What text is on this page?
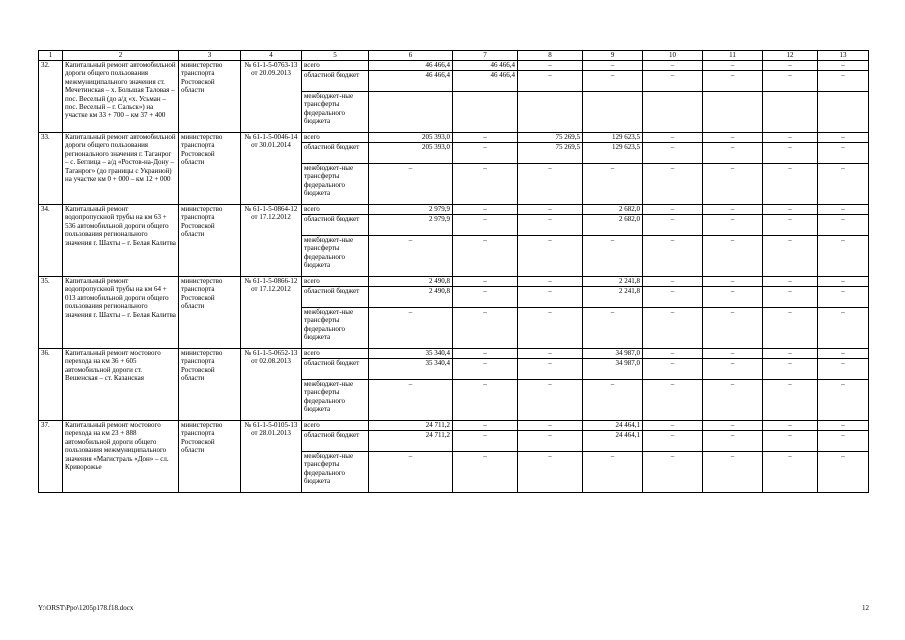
1	2	3	4	5	6	7	8	9	10	11	12	13
32.	Капитальный ремонт автомобильной дороги общего пользования межмуниципального значения ст. Мечетинская – х. Большая Таловая – пос. Веселый (до а/д «х. Усьман – пос. Веселый – г. Сальск») на участке км 33 + 700 – км 37 + 400	министерство транспорта Ростовской области	№ 61-1-5-0763-13 от 20.09.2013	всего	46 466,4	46 466,4	–	–	–	–	–	–
				областной бюджет	46 466,4	46 466,4	–	–	–	–	–	–
				межбюджет-ные трансферты федерального бюджета								
33.	Капитальный ремонт автомобильной дороги общего пользования регионального значения г. Таганрог – с. Беглица – а/д «Ростов-на-Дону – Таганрог» (до границы с Украиной) на участке км 0 + 000 – км 12 + 000	министерство транспорта Ростовской области	№ 61-1-5-0046-14 от 30.01.2014	всего	205 393,0	–	75 269,5	129 623,5	–	–	–	–
				областной бюджет	205 393,0	–	75 269,5	129 623,5	–	–	–	–
				межбюджет-ные трансферты федерального бюджета	–	–	–	–	–	–	–	–
34.	Капитальный ремонт водопропускной трубы на км 63 + 536 автомобильной дороги общего пользования регионального значения г. Шахты – г. Белая Калитва	министерство транспорта Ростовской области	№ 61-1-5-0864-12 от 17.12.2012	всего	2 979,9	–	–	2 682,0	–	–	–	–
				областной бюджет	2 979,9	–	–	2 682,0	–	–	–	–
				межбюджет-ные трансферты федерального бюджета	–	–	–	–	–	–	–	–
35.	Капитальный ремонт водопропускной трубы на км 64 + 013 автомобильной дороги общего пользования регионального значения г. Шахты – г. Белая Калитва	министерство транспорта Ростовской области	№ 61-1-5-0866-12 от 17.12.2012	всего	2 490,8	–	–	2 241,8	–	–	–	–
				областной бюджет	2 490,8	–	–	2 241,8	–	–	–	–
				межбюджет-ные трансферты федерального бюджета	–	–	–	–	–	–	–	–
36.	Капитальный ремонт мостового перехода на км 36 + 605 автомобильной дороги ст. Вешенская – ст. Казанская	министерство транспорта Ростовской области	№ 61-1-5-0652-13 от 02.08.2013	всего	35 340,4	–	–	34 987,0	–	–	–	–
				областной бюджет	35 340,4	–	–	34 987,0	–	–	–	–
				межбюджет-ные трансферты федерального бюджета	–	–	–	–	–	–	–	–
37.	Капитальный ремонт мостового перехода на км 23 + 888 автомобильной дороги общего пользования межмуниципального значения «Магистраль «Дон» – сл. Криворожье	министерство транспорта Ростовской области	№ 61-1-5-0105-13 от 28.01.2013	всего	24 711,2	–	–	24 464,1	–	–	–	–
				областной бюджет	24 711,2	–	–	24 464,1	–	–	–	–
				межбюджет-ные трансферты федерального бюджета	–	–	–	–	–	–	–	–
Y:\ORST\Ppo\1205p178.f18.docx	12
